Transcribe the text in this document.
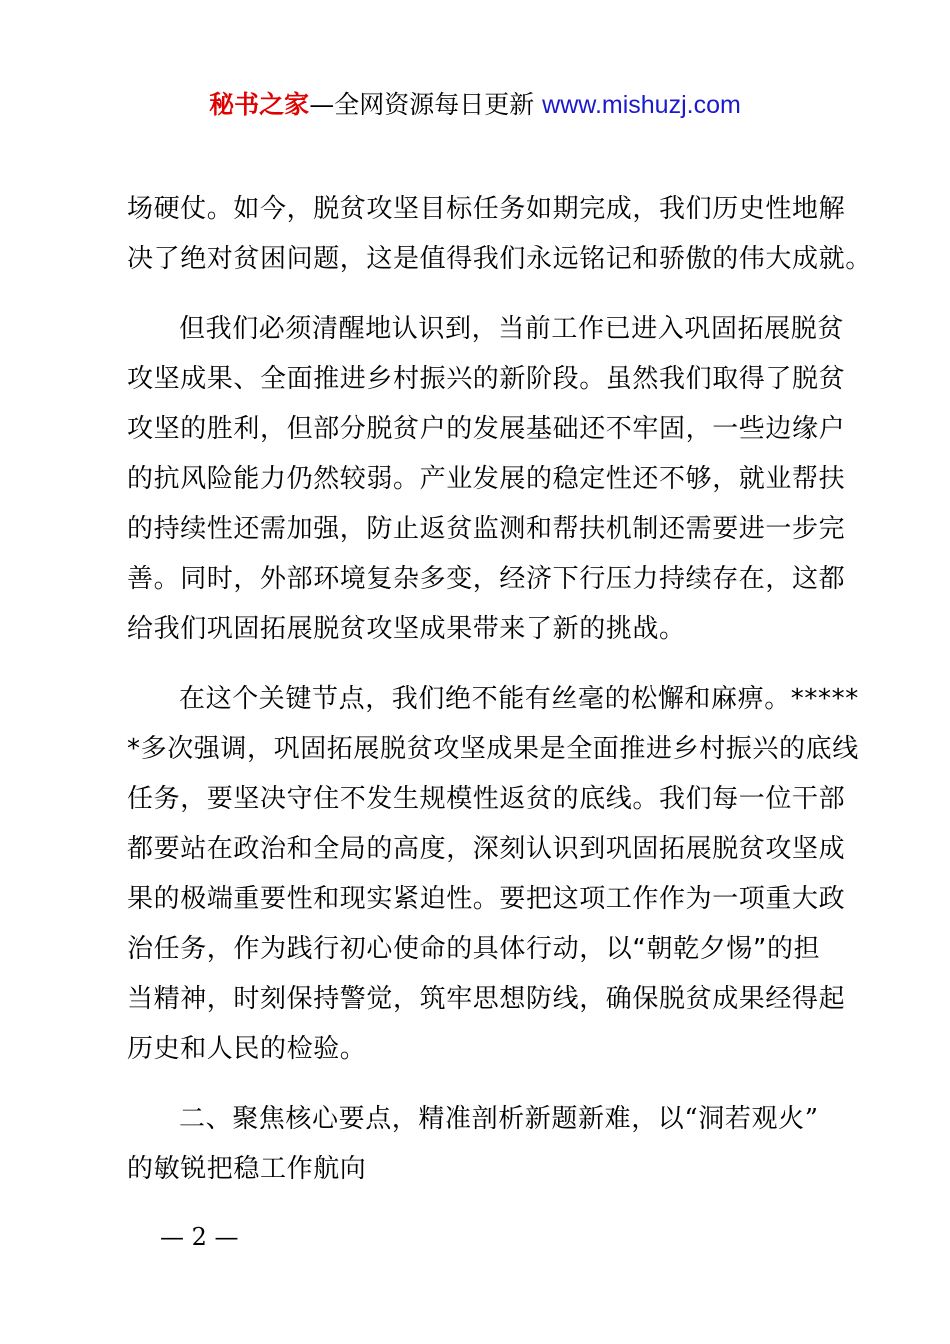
秘书之家—全网资源每日更新 www.mishuzj.com
场硬仗。如今，脱贫攻坚目标任务如期完成，我们历史性地解
决了绝对贫困问题，这是值得我们永远铭记和骄傲的伟大成就。
但我们必须清醒地认识到，当前工作已进入巩固拓展脱贫
攻坚成果、全面推进乡村振兴的新阶段。虽然我们取得了脱贫
攻坚的胜利，但部分脱贫户的发展基础还不牢固，一些边缘户
的抗风险能力仍然较弱。产业发展的稳定性还不够，就业帮扶
的持续性还需加强，防止返贫监测和帮扶机制还需要进一步完
善。同时，外部环境复杂多变，经济下行压力持续存在，这都
给我们巩固拓展脱贫攻坚成果带来了新的挑战。
在这个关键节点，我们绝不能有丝毫的松懈和麻痹。*****
*多次强调，巩固拓展脱贫攻坚成果是全面推进乡村振兴的底线
任务，要坚决守住不发生规模性返贫的底线。我们每一位干部
都要站在政治和全局的高度，深刻认识到巩固拓展脱贫攻坚成
果的极端重要性和现实紧迫性。要把这项工作作为一项重大政
治任务，作为践行初心使命的具体行动，以“朝乾夕惕”的担
当精神，时刻保持警觉，筑牢思想防线，确保脱贫成果经得起
历史和人民的检验。
二、聚焦核心要点，精准剖析新题新难，以“洞若观火”
的敏锐把稳工作航向
— 2 —
